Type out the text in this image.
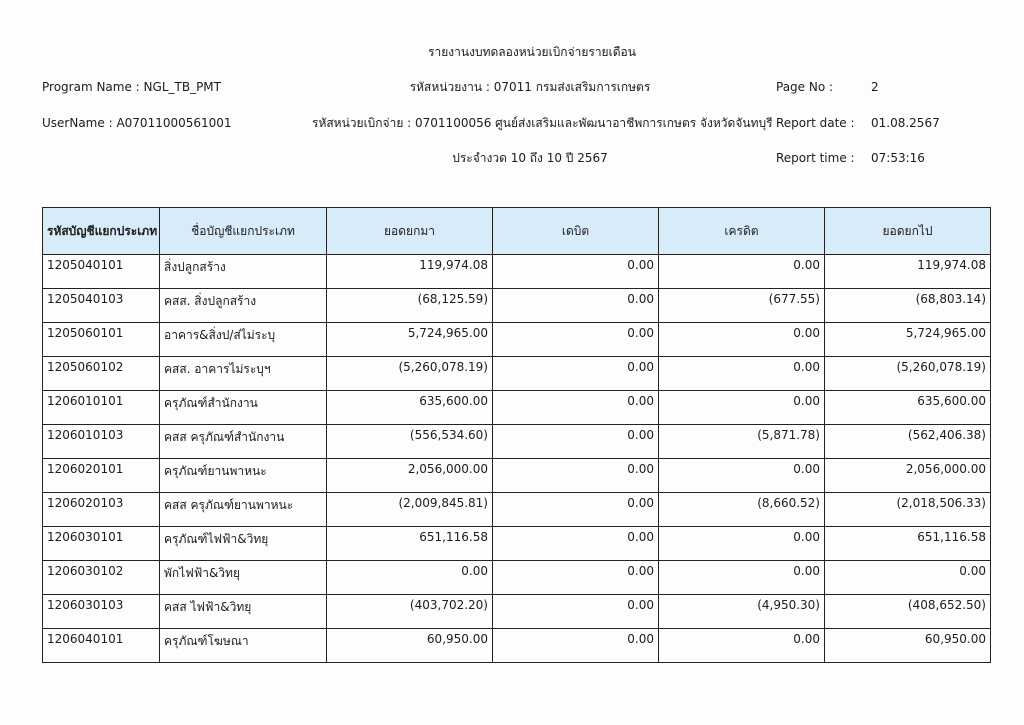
รายงานงบทดลองหน่วยเบิกจ่ายรายเดือน
Program Name : NGL_TB_PMT
UserName : A07011000561001
รหัสหน่วยงาน : 07011 กรมส่งเสริมการเกษตร
รหัสหน่วยเบิกจ่าย : 0701100056 ศูนย์ส่งเสริมและพัฒนาอาชีพการเกษตร จังหวัดจันทบุรี
ประจำงวด 10 ถึง 10 ปี 2567
Page No :	2
Report date : 01.08.2567
Report time : 07:53:16
รหัสบัญชีแยกประเภท	ชื่อบัญชีแยกประเภท	ยอดยกมา	เดบิต	เครดิต	ยอดยกไป
1205040101	สิ่งปลูกสร้าง	119,974.08	0.00	0.00	119,974.08
1205040103	คสส. สิ่งปลูกสร้าง	(68,125.59)	0.00	(677.55)	(68,803.14)
1205060101	อาคาร&สิ่งป/ส่ไม่ระบุ	5,724,965.00	0.00	0.00	5,724,965.00
1205060102	คสส. อาคารไม่ระบุฯ	(5,260,078.19)	0.00	0.00	(5,260,078.19)
1206010101	ครุภัณฑ์สำนักงาน	635,600.00	0.00	0.00	635,600.00
1206010103	คสส ครุภัณฑ์สำนักงาน	(556,534.60)	0.00	(5,871.78)	(562,406.38)
1206020101	ครุภัณฑ์ยานพาหนะ	2,056,000.00	0.00	0.00	2,056,000.00
1206020103	คสส ครุภัณฑ์ยานพาหนะ	(2,009,845.81)	0.00	(8,660.52)	(2,018,506.33)
1206030101	ครุภัณฑ์ไฟฟ้า&วิทยุ	651,116.58	0.00	0.00	651,116.58
1206030102	พักไฟฟ้า&วิทยุ	0.00	0.00	0.00	0.00
1206030103	คสส ไฟฟ้า&วิทยุ	(403,702.20)	0.00	(4,950.30)	(408,652.50)
1206040101	ครุภัณฑ์โฆษณา	60,950.00	0.00	0.00	60,950.00
